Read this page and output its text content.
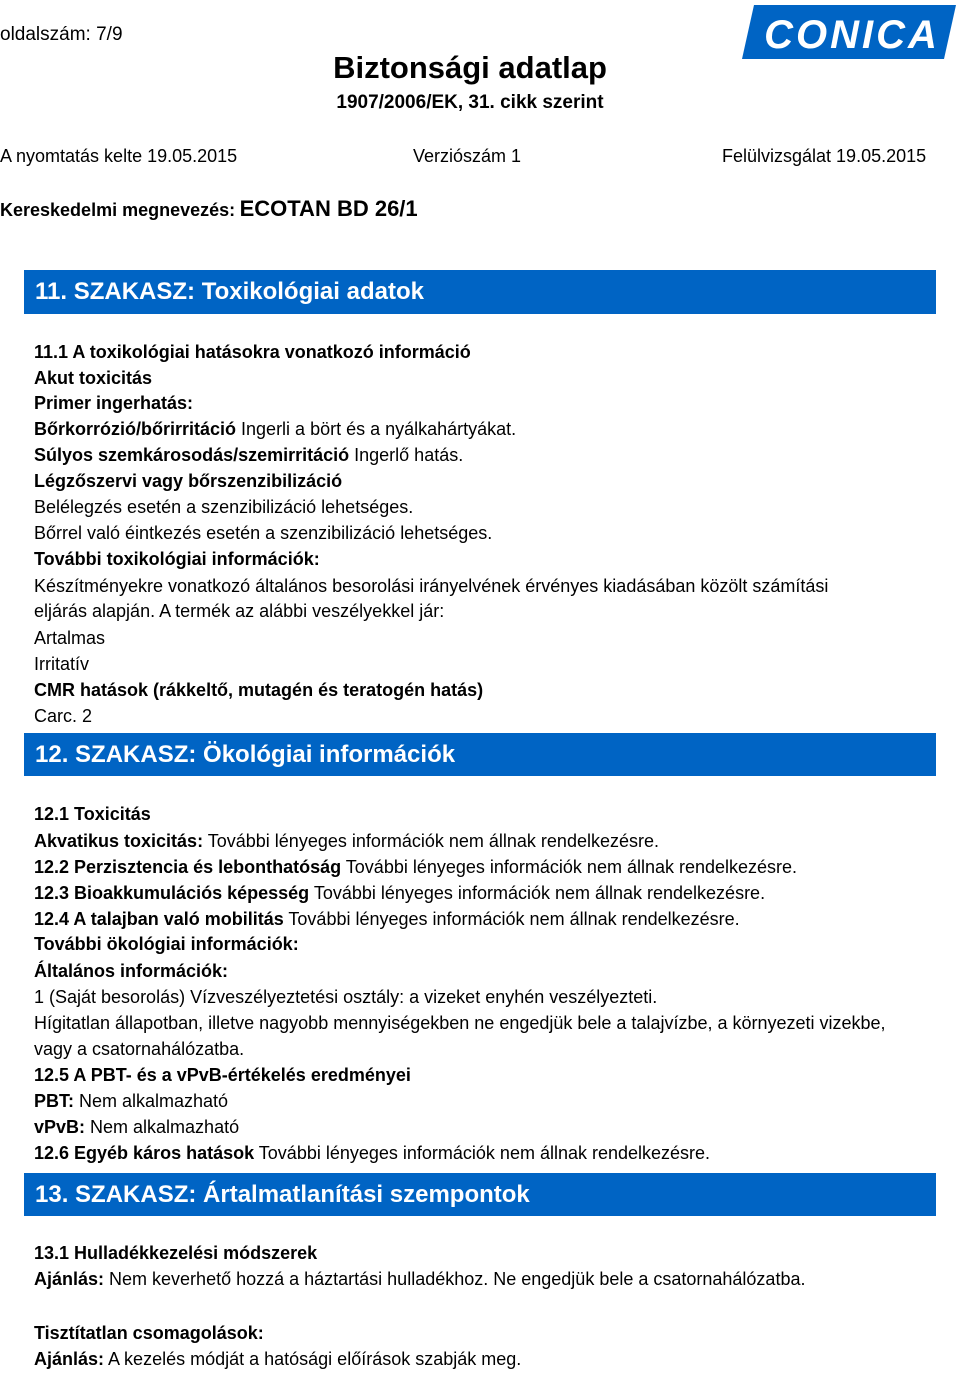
oldalszám: 7/9
Biztonsági adatlap
1907/2006/EK, 31. cikk szerint
CONICA
A nyomtatás kelte 19.05.2015	Verziószám 1	Felülvizsgálat 19.05.2015
Kereskedelmi megnevezés: ECOTAN BD 26/1
11. SZAKASZ: Toxikológiai adatok
11.1 A toxikológiai hatásokra vonatkozó információ
Akut toxicitás
Primer ingerhatás:
Bőrkorrózió/bőrirritáció Ingerli a bört és a nyálkahártyákat.
Súlyos szemkárosodás/szemirritáció Ingerlő hatás.
Légzőszervi vagy bőrszenzibilizáció
Belélegzés esetén a szenzibilizáció lehetséges.
Bőrrel való éintkezés esetén a szenzibilizáció lehetséges.
További toxikológiai információk:
Készítményekre vonatkozó általános besorolási irányelvének érvényes kiadásában közölt számítási
eljárás alapján. A termék az alábbi veszélyekkel jár:
Artalmas
Irritatív
CMR hatások (rákkeltő, mutagén és teratogén hatás)
Carc. 2
12. SZAKASZ: Ökológiai információk
12.1 Toxicitás
Akvatikus toxicitás: További lényeges információk nem állnak rendelkezésre.
12.2 Perzisztencia és lebonthatóság További lényeges információk nem állnak rendelkezésre.
12.3 Bioakkumulációs képesség További lényeges információk nem állnak rendelkezésre.
12.4 A talajban való mobilitás További lényeges információk nem állnak rendelkezésre.
További ökológiai információk:
Általános információk:
1 (Saját besorolás) Vízveszélyeztetési osztály: a vizeket enyhén veszélyezteti.
Hígitatlan állapotban, illetve nagyobb mennyiségekben ne engedjük bele a talajvízbe, a környezeti vizekbe,
vagy a csatornahálózatba.
12.5 A PBT- és a vPvB-értékelés eredményei
PBT: Nem alkalmazható
vPvB: Nem alkalmazható
12.6 Egyéb káros hatások További lényeges információk nem állnak rendelkezésre.
13. SZAKASZ: Ártalmatlanítási szempontok
13.1 Hulladékkezelési módszerek
Ajánlás: Nem keverhető hozzá a háztartási hulladékhoz. Ne engedjük bele a csatornahálózatba.
Tisztítatlan csomagolások:
Ajánlás: A kezelés módját a hatósági előírások szabják meg.
